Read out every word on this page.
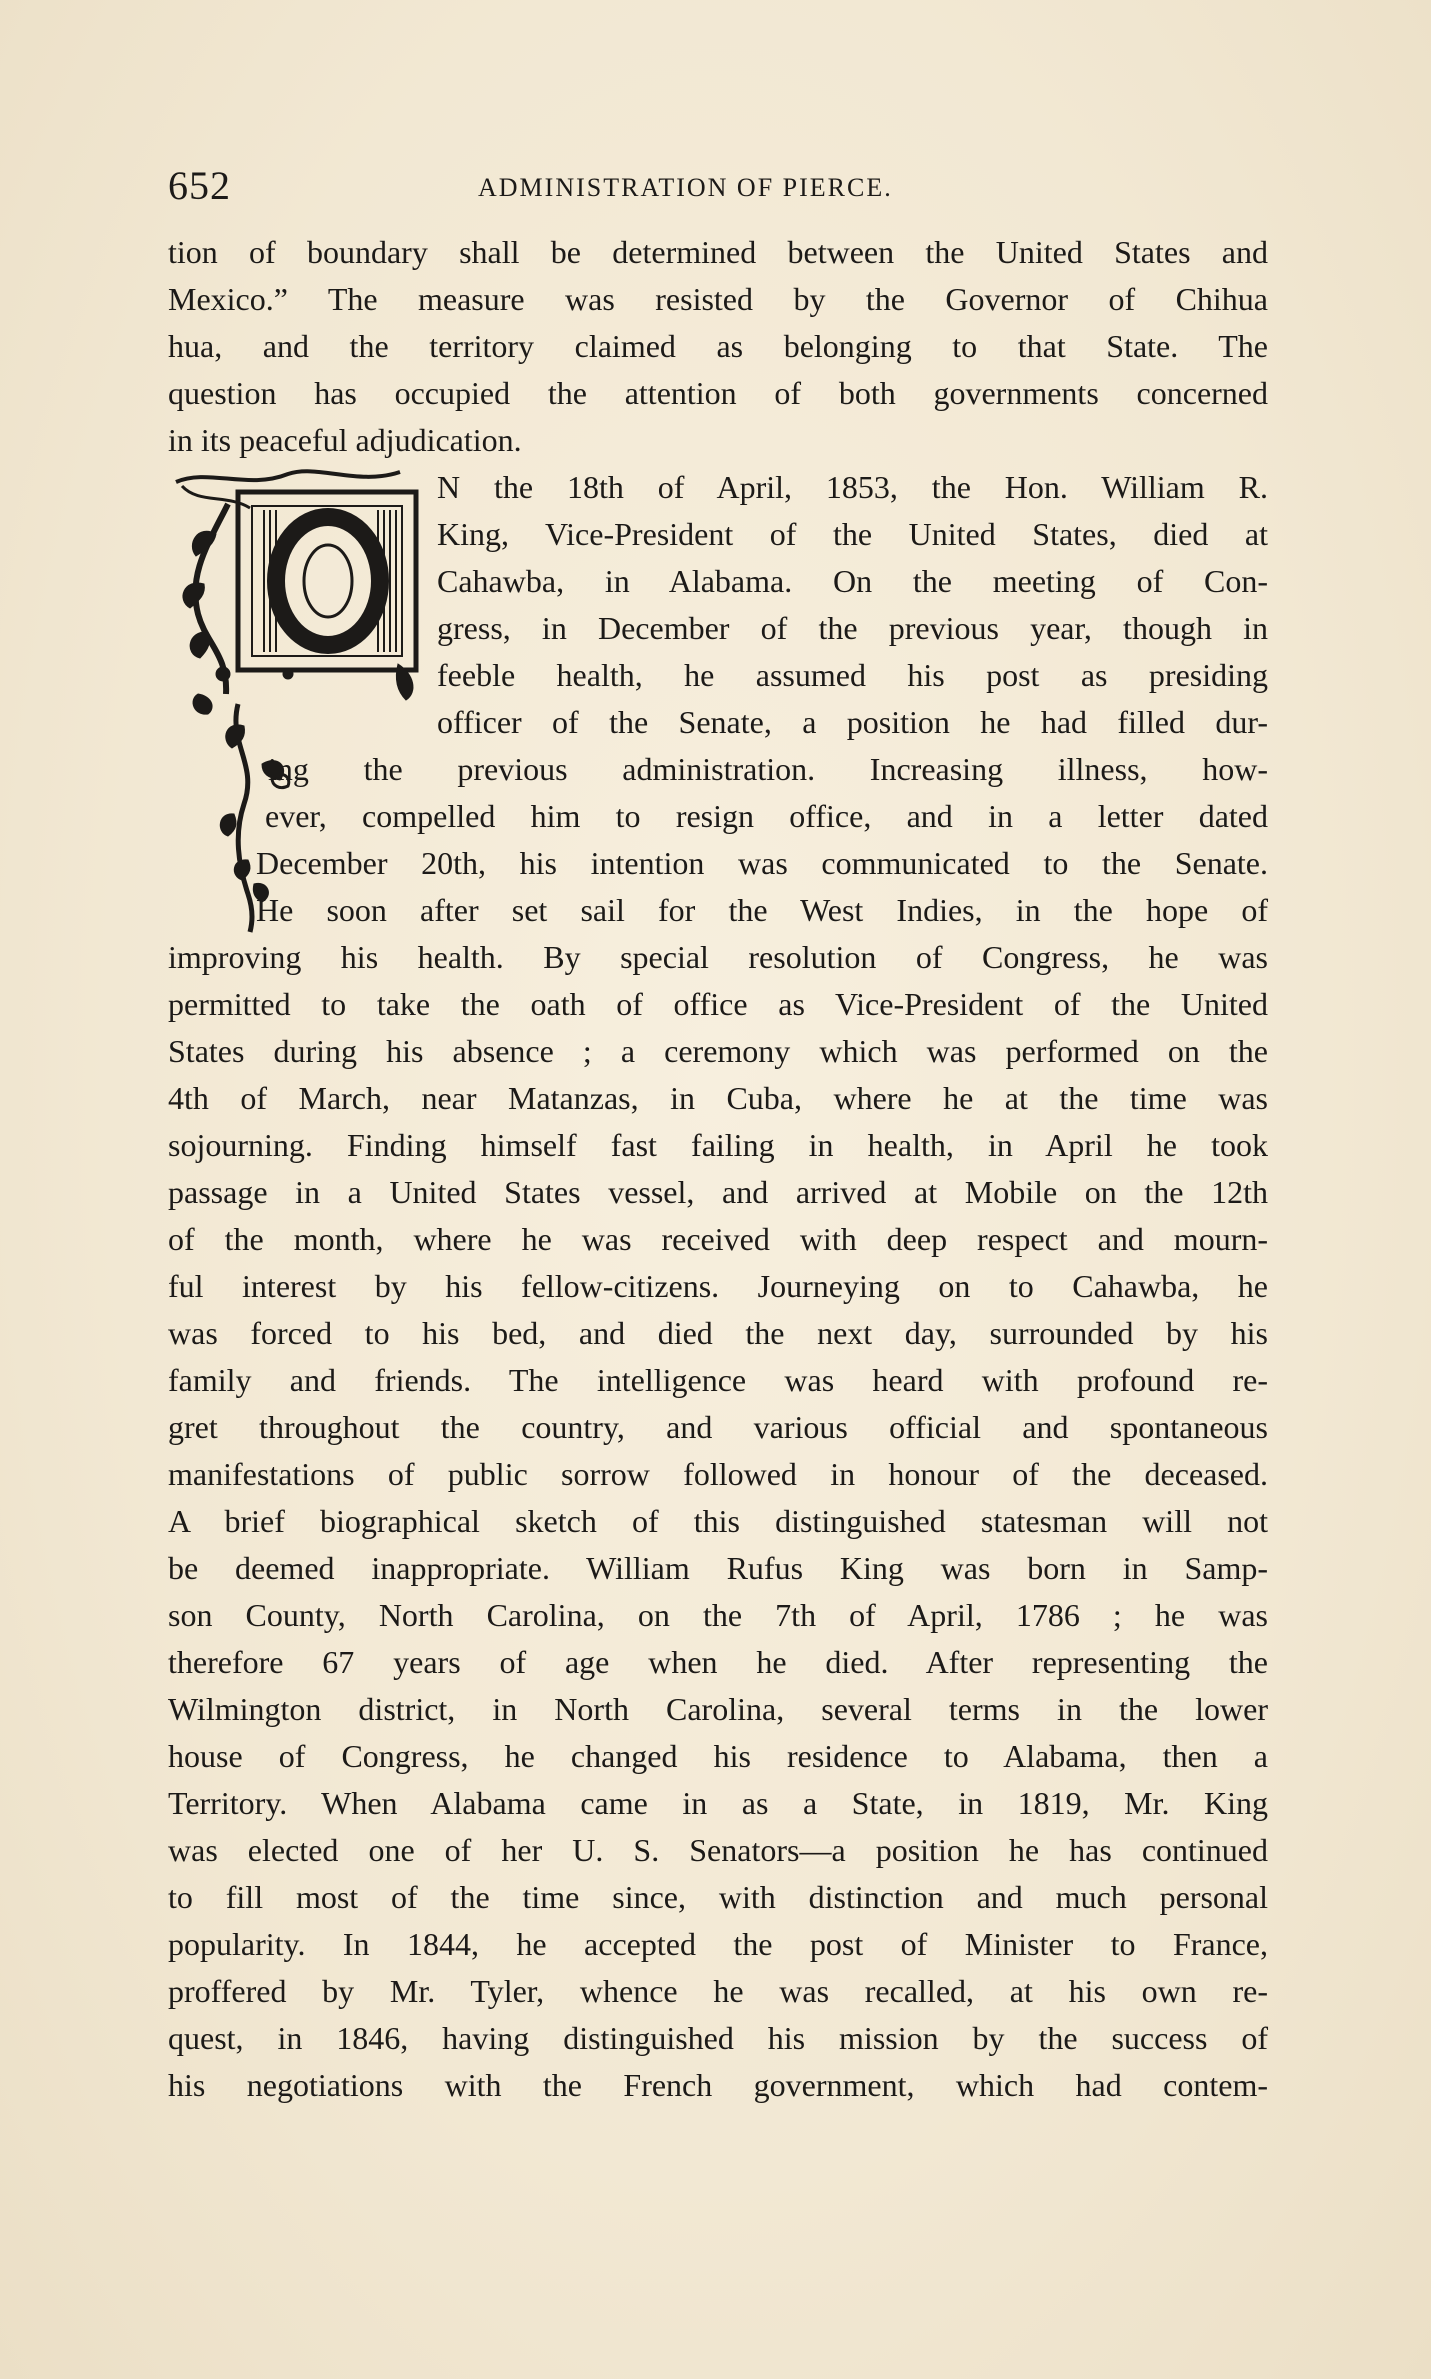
652	ADMINISTRATION OF PIERCE.
tion of boundary shall be determined between the United States and
Mexico.” The measure was resisted by the Governor of Chihua
hua, and the territory claimed as belonging to that State. The
question has occupied the attention of both governments concerned
in its peaceful adjudication.
N the 18th of April, 1853, the Hon. William R.
King, Vice-President of the United States, died at
Cahawba, in Alabama. On the meeting of Con-
gress, in December of the previous year, though in
feeble health, he assumed his post as presiding
officer of the Senate, a position he had filled dur-
ing the previous administration. Increasing illness, how-
ever, compelled him to resign office, and in a letter dated
December 20th, his intention was communicated to the Senate.
He soon after set sail for the West Indies, in the hope of
improving his health. By special resolution of Congress, he was
permitted to take the oath of office as Vice-President of the United
States during his absence ; a ceremony which was performed on the
4th of March, near Matanzas, in Cuba, where he at the time was
sojourning. Finding himself fast failing in health, in April he took
passage in a United States vessel, and arrived at Mobile on the 12th
of the month, where he was received with deep respect and mourn-
ful interest by his fellow-citizens. Journeying on to Cahawba, he
was forced to his bed, and died the next day, surrounded by his
family and friends. The intelligence was heard with profound re-
gret throughout the country, and various official and spontaneous
manifestations of public sorrow followed in honour of the deceased.
A brief biographical sketch of this distinguished statesman will not
be deemed inappropriate. William Rufus King was born in Samp-
son County, North Carolina, on the 7th of April, 1786 ; he was
therefore 67 years of age when he died. After representing the
Wilmington district, in North Carolina, several terms in the lower
house of Congress, he changed his residence to Alabama, then a
Territory. When Alabama came in as a State, in 1819, Mr. King
was elected one of her U. S. Senators—a position he has continued
to fill most of the time since, with distinction and much personal
popularity. In 1844, he accepted the post of Minister to France,
proffered by Mr. Tyler, whence he was recalled, at his own re-
quest, in 1846, having distinguished his mission by the success of
his negotiations with the French government, which had contem-
